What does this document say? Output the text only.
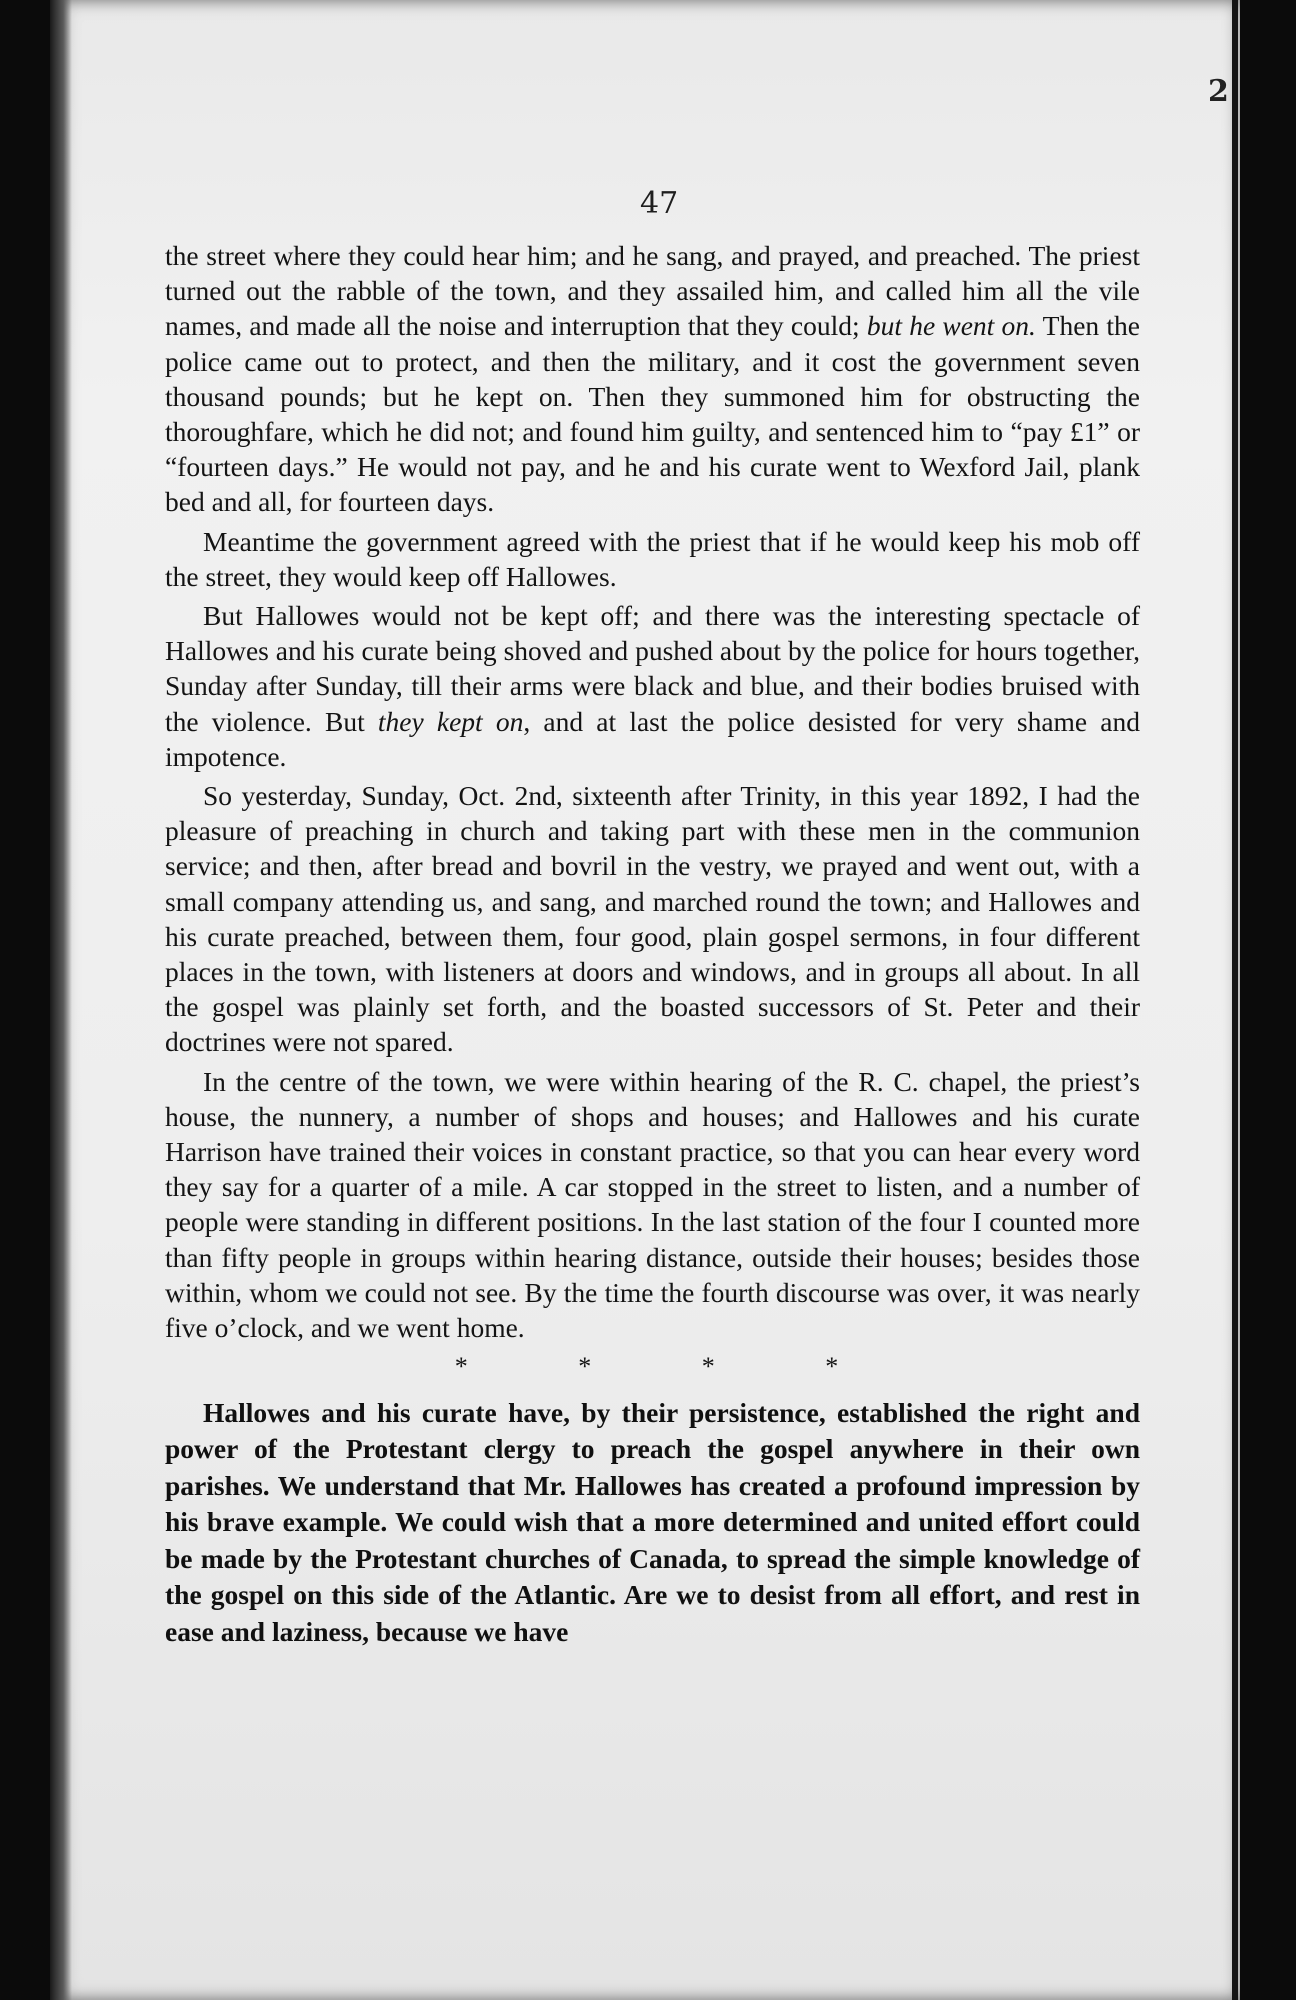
2
47

the street where they could hear him; and he sang, and prayed, and preached. The priest turned out the rabble of the town, and they assailed him, and called him all the vile names, and made all the noise and interruption that they could; but he went on. Then the police came out to protect, and then the military, and it cost the government seven thousand pounds; but he kept on. Then they summoned him for obstructing the thoroughfare, which he did not; and found him guilty, and sentenced him to “pay £1” or “fourteen days.” He would not pay, and he and his curate went to Wexford Jail, plank bed and all, for fourteen days.

Meantime the government agreed with the priest that if he would keep his mob off the street, they would keep off Hallowes.

But Hallowes would not be kept off; and there was the interesting spectacle of Hallowes and his curate being shoved and pushed about by the police for hours together, Sunday after Sunday, till their arms were black and blue, and their bodies bruised with the violence. But they kept on, and at last the police desisted for very shame and impotence.

So yesterday, Sunday, Oct. 2nd, sixteenth after Trinity, in this year 1892, I had the pleasure of preaching in church and taking part with these men in the communion service; and then, after bread and bovril in the vestry, we prayed and went out, with a small company attending us, and sang, and marched round the town; and Hallowes and his curate preached, between them, four good, plain gospel sermons, in four different places in the town, with listeners at doors and windows, and in groups all about. In all the gospel was plainly set forth, and the boasted successors of St. Peter and their doctrines were not spared.

In the centre of the town, we were within hearing of the R. C. chapel, the priest’s house, the nunnery, a number of shops and houses; and Hallowes and his curate Harrison have trained their voices in constant practice, so that you can hear every word they say for a quarter of a mile. A car stopped in the street to listen, and a number of people were standing in different positions. In the last station of the four I counted more than fifty people in groups within hearing distance, outside their houses; besides those within, whom we could not see. By the time the fourth discourse was over, it was nearly five o’clock, and we went home.

* * * *

Hallowes and his curate have, by their persistence, established the right and power of the Protestant clergy to preach the gospel anywhere in their own parishes. We understand that Mr. Hallowes has created a profound impression by his brave example. We could wish that a more determined and united effort could be made by the Protestant churches of Canada, to spread the simple knowledge of the gospel on this side of the Atlantic. Are we to desist from all effort, and rest in ease and laziness, because we have
